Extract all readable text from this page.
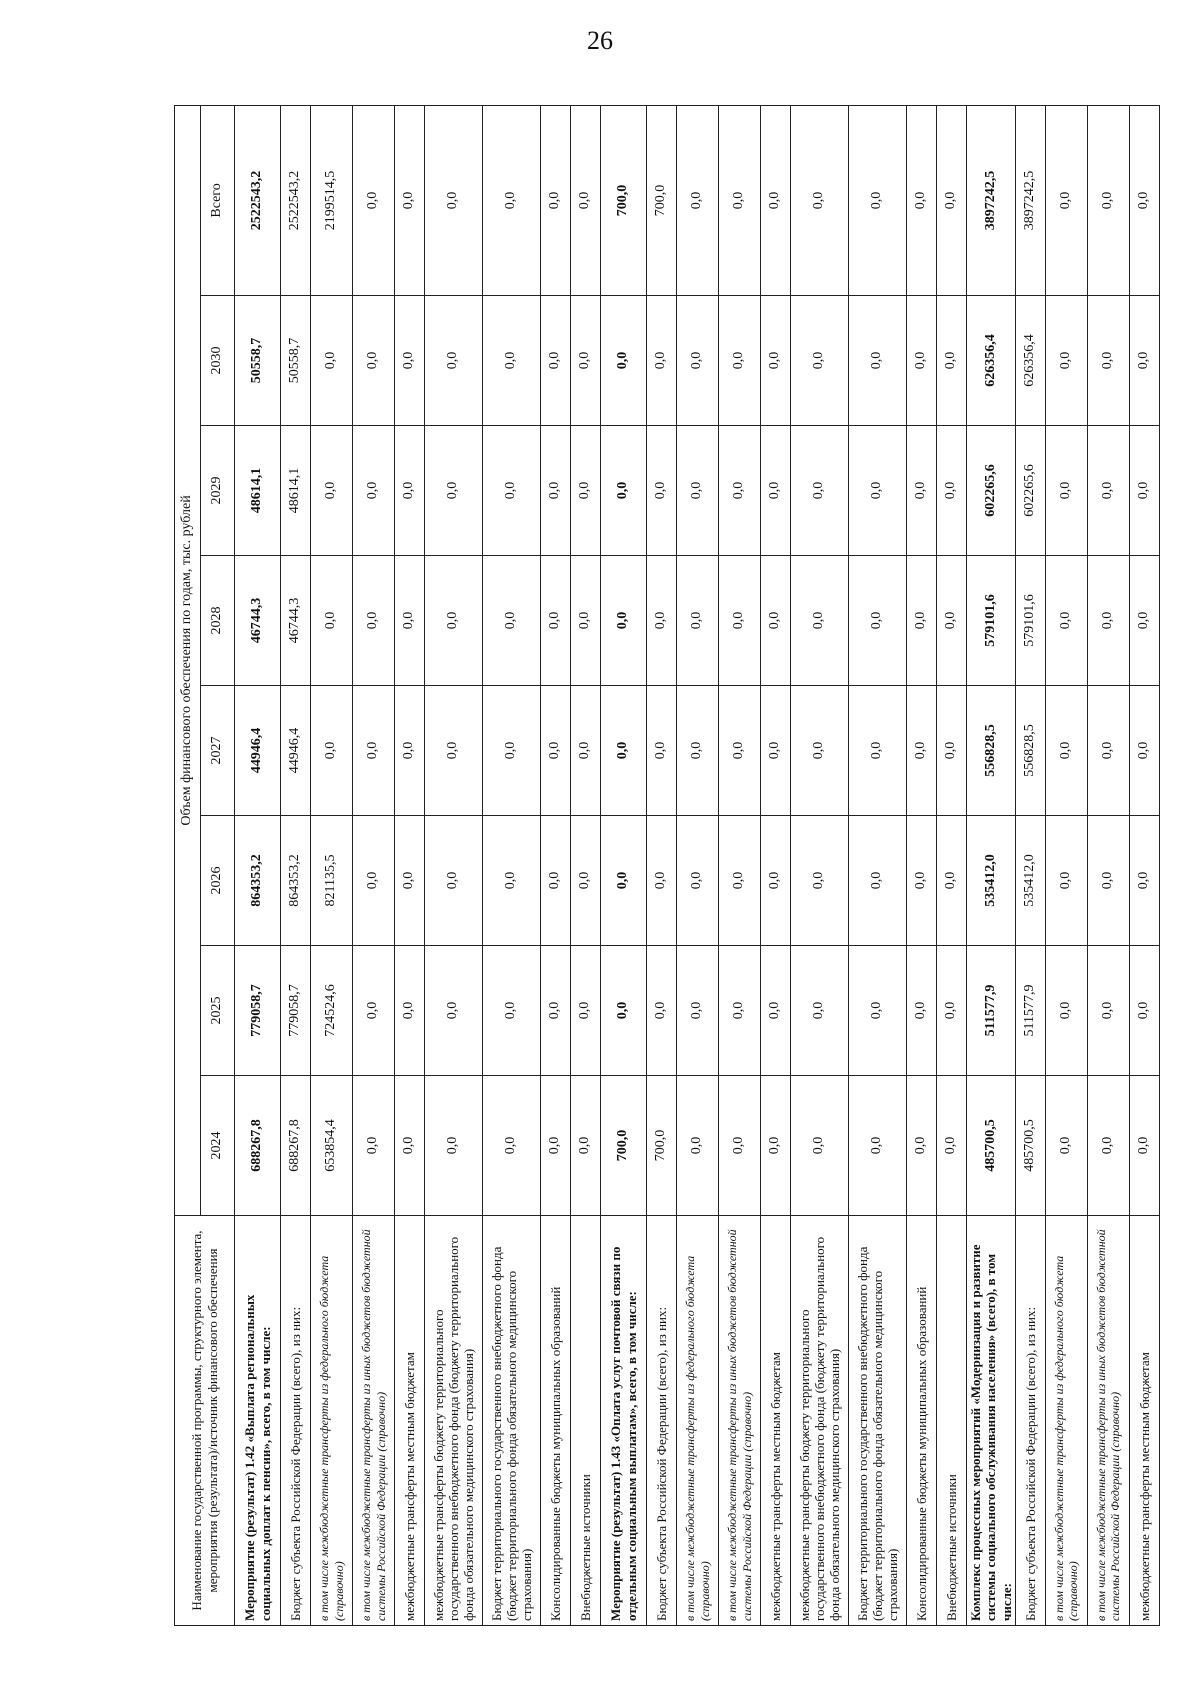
26
Наименование государственной программы, структурного элемента, мероприятия (результата)/источник финансового обеспечения	Объем финансового обеспечения по годам, тыс. рублей							
	2024	2025	2026	2027	2028	2029	2030	Всего
Мероприятие (результат) 1.42 «Выплата региональных социальных доплат к пенсии», всего, в том числе:	688267,8	779058,7	864353,2	44946,4	46744,3	48614,1	50558,7	2522543,2
Бюджет субъекта Российской Федерации (всего), из них:	688267,8	779058,7	864353,2	44946,4	46744,3	48614,1	50558,7	2522543,2
в том числе межбюджетные трансферты из федерального бюджета (справочно)	653854,4	724524,6	821135,5	0,0	0,0	0,0	0,0	2199514,5
в том числе межбюджетные трансферты из иных бюджетов бюджетной системы Российской Федерации (справочно)	0,0	0,0	0,0	0,0	0,0	0,0	0,0	0,0
межбюджетные трансферты местным бюджетам	0,0	0,0	0,0	0,0	0,0	0,0	0,0	0,0
межбюджетные трансферты бюджету территориального государственного внебюджетного фонда (бюджету территориального фонда обязательного медицинского страхования)	0,0	0,0	0,0	0,0	0,0	0,0	0,0	0,0
Бюджет территориального государственного внебюджетного фонда (бюджет территориального фонда обязательного медицинского страхования)	0,0	0,0	0,0	0,0	0,0	0,0	0,0	0,0
Консолидированные бюджеты муниципальных образований	0,0	0,0	0,0	0,0	0,0	0,0	0,0	0,0
Внебюджетные источники	0,0	0,0	0,0	0,0	0,0	0,0	0,0	0,0
Мероприятие (результат) 1.43 «Оплата услуг почтовой связи по отдельным социальным выплатам», всего, в том числе:	700,0	0,0	0,0	0,0	0,0	0,0	0,0	700,0
Бюджет субъекта Российской Федерации (всего), из них:	700,0	0,0	0,0	0,0	0,0	0,0	0,0	700,0
в том числе межбюджетные трансферты из федерального бюджета (справочно)	0,0	0,0	0,0	0,0	0,0	0,0	0,0	0,0
в том числе межбюджетные трансферты из иных бюджетов бюджетной системы Российской Федерации (справочно)	0,0	0,0	0,0	0,0	0,0	0,0	0,0	0,0
межбюджетные трансферты местным бюджетам	0,0	0,0	0,0	0,0	0,0	0,0	0,0	0,0
межбюджетные трансферты бюджету территориального государственного внебюджетного фонда (бюджету территориального фонда обязательного медицинского страхования)	0,0	0,0	0,0	0,0	0,0	0,0	0,0	0,0
Бюджет территориального государственного внебюджетного фонда (бюджет территориального фонда обязательного медицинского страхования)	0,0	0,0	0,0	0,0	0,0	0,0	0,0	0,0
Консолидированные бюджеты муниципальных образований	0,0	0,0	0,0	0,0	0,0	0,0	0,0	0,0
Внебюджетные источники	0,0	0,0	0,0	0,0	0,0	0,0	0,0	0,0
Комплекс процессных мероприятий «Модернизация и развитие системы социального обслуживания населения» (всего), в том числе:	485700,5	511577,9	535412,0	556828,5	579101,6	602265,6	626356,4	3897242,5
Бюджет субъекта Российской Федерации (всего), из них:	485700,5	511577,9	535412,0	556828,5	579101,6	602265,6	626356,4	3897242,5
в том числе межбюджетные трансферты из федерального бюджета (справочно)	0,0	0,0	0,0	0,0	0,0	0,0	0,0	0,0
в том числе межбюджетные трансферты из иных бюджетов бюджетной системы Российской Федерации (справочно)	0,0	0,0	0,0	0,0	0,0	0,0	0,0	0,0
межбюджетные трансферты местным бюджетам	0,0	0,0	0,0	0,0	0,0	0,0	0,0	0,0
